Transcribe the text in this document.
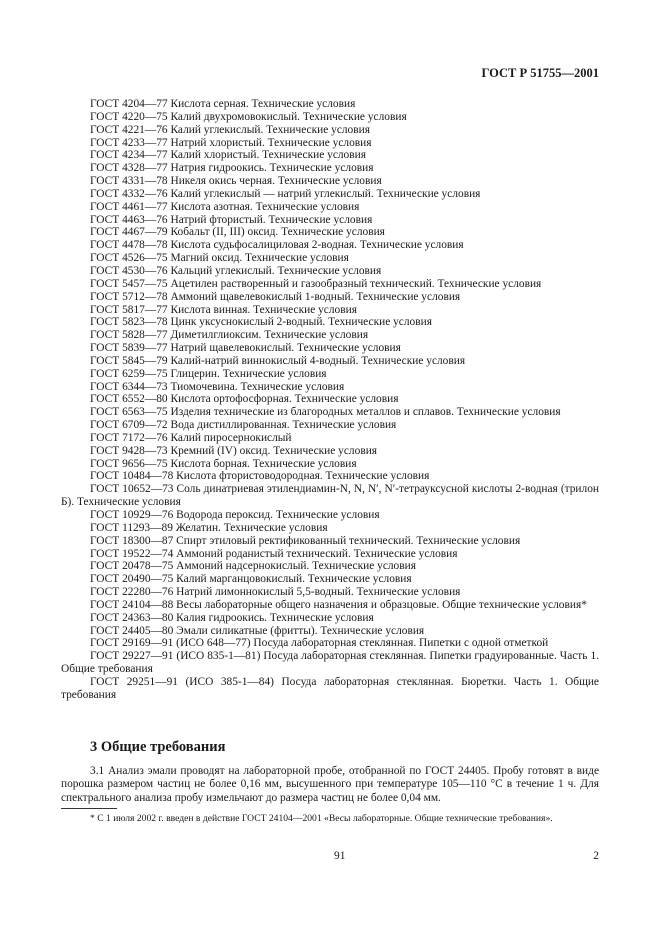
ГОСТ Р 51755—2001
ГОСТ 4204—77 Кислота серная. Технические условия
ГОСТ 4220—75 Калий двухромовокислый. Технические условия
ГОСТ 4221—76 Калий углекислый. Технические условия
ГОСТ 4233—77 Натрий хлористый. Технические условия
ГОСТ 4234—77 Калий хлористый. Технические условия
ГОСТ 4328—77 Натрия гидроокись. Технические условия
ГОСТ 4331—78 Никеля окись черная. Технические условия
ГОСТ 4332—76 Калий углекислый — натрий углекислый. Технические условия
ГОСТ 4461—77 Кислота азотная. Технические условия
ГОСТ 4463—76 Натрий фтористый. Технические условия
ГОСТ 4467—79 Кобальт (II, III) оксид. Технические условия
ГОСТ 4478—78 Кислота судьфосалициловая 2-водная. Технические условия
ГОСТ 4526—75 Магний оксид. Технические условия
ГОСТ 4530—76 Кальций углекислый. Технические условия
ГОСТ 5457—75 Ацетилен растворенный и газообразный технический. Технические условия
ГОСТ 5712—78 Аммоний щавелевокислый 1-водный. Технические условия
ГОСТ 5817—77 Кислота винная. Технические условия
ГОСТ 5823—78 Цинк уксуснокислый 2-водный. Технические условия
ГОСТ 5828—77 Диметилглиоксим. Технические условия
ГОСТ 5839—77 Натрий щавелевокислый. Технические условия
ГОСТ 5845—79 Калий-натрий виннокислый 4-водный. Технические условия
ГОСТ 6259—75 Глицерин. Технические условия
ГОСТ 6344—73 Тиомочевина. Технические условия
ГОСТ 6552—80 Кислота ортофосфорная. Технические условия
ГОСТ 6563—75 Изделия технические из благородных металлов и сплавов. Технические условия
ГОСТ 6709—72 Вода дистиллированная. Технические условия
ГОСТ 7172—76 Калий пиросернокислый
ГОСТ 9428—73 Кремний (IV) оксид. Технические условия
ГОСТ 9656—75 Кислота борная. Технические условия
ГОСТ 10484—78 Кислота фтористоводородная. Технические условия
ГОСТ 10652—73 Соль динатриевая этилендиамин-N, N, N′, N′-тетрауксусной кислоты 2-водная (трилон Б). Технические условия
ГОСТ 10929—76 Водорода пероксид. Технические условия
ГОСТ 11293—89 Желатин. Технические условия
ГОСТ 18300—87 Спирт этиловый ректификованный технический. Технические условия
ГОСТ 19522—74 Аммоний роданистый технический. Технические условия
ГОСТ 20478—75 Аммоний надсернокислый. Технические условия
ГОСТ 20490—75 Калий марганцовокислый. Технические условия
ГОСТ 22280—76 Натрий лимоннокислый 5,5-водный. Технические условия
ГОСТ 24104—88 Весы лабораторные общего назначения и образцовые. Общие технические условия*
ГОСТ 24363—80 Калия гидроокись. Технические условия
ГОСТ 24405—80 Эмали силикатные (фритты). Технические условия
ГОСТ 29169—91 (ИСО 648—77) Посуда лабораторная стеклянная. Пипетки с одной отметкой
ГОСТ 29227—91 (ИСО 835-1—81) Посуда лабораторная стеклянная. Пипетки градуированные. Часть 1. Общие требования
ГОСТ 29251—91 (ИСО 385-1—84) Посуда лабораторная стеклянная. Бюретки. Часть 1. Общие требования
3 Общие требования
3.1 Анализ эмали проводят на лабораторной пробе, отобранной по ГОСТ 24405. Пробу готовят в виде порошка размером частиц не более 0,16 мм, высушенного при температуре 105—110 °С в течение 1 ч. Для спектрального анализа пробу измельчают до размера частиц не более 0,04 мм.
* С 1 июля 2002 г. введен в действие ГОСТ 24104—2001 «Весы лабораторные. Общие технические требования».
91	2
